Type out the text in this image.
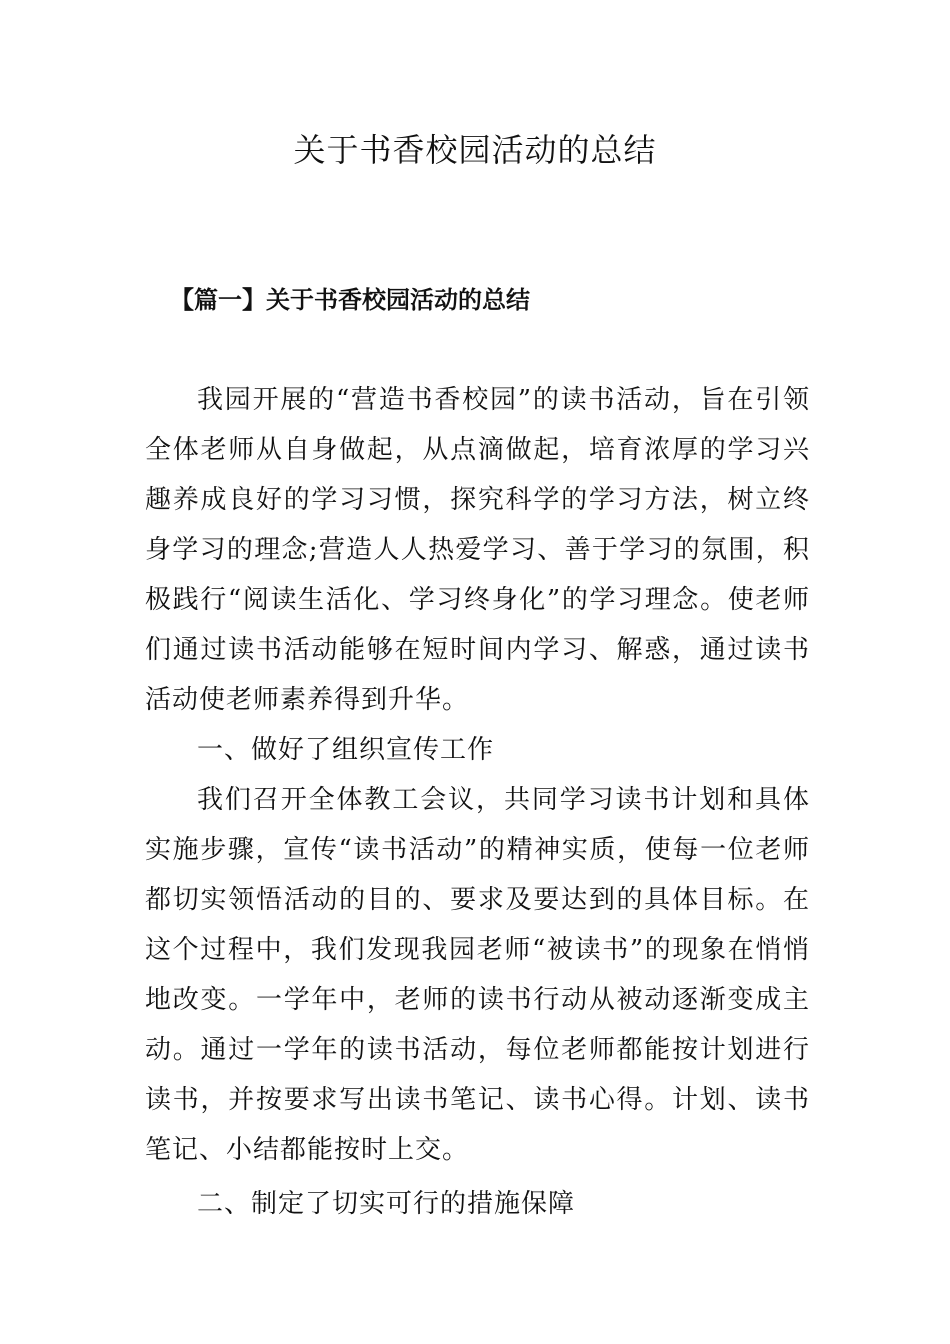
关于书香校园活动的总结
【篇一】关于书香校园活动的总结

我园开展的“营造书香校园”的读书活动，旨在引领全体老师从自身做起，从点滴做起，培育浓厚的学习兴趣养成良好的学习习惯，探究科学的学习方法，树立终身学习的理念;营造人人热爱学习、善于学习的氛围，积极践行“阅读生活化、学习终身化”的学习理念。使老师们通过读书活动能够在短时间内学习、解惑，通过读书活动使老师素养得到升华。

一、做好了组织宣传工作

我们召开全体教工会议，共同学习读书计划和具体实施步骤，宣传“读书活动”的精神实质，使每一位老师都切实领悟活动的目的、要求及要达到的具体目标。在这个过程中，我们发现我园老师“被读书”的现象在悄悄地改变。一学年中，老师的读书行动从被动逐渐变成主动。通过一学年的读书活动，每位老师都能按计划进行读书，并按要求写出读书笔记、读书心得。计划、读书笔记、小结都能按时上交。

二、制定了切实可行的措施保障
